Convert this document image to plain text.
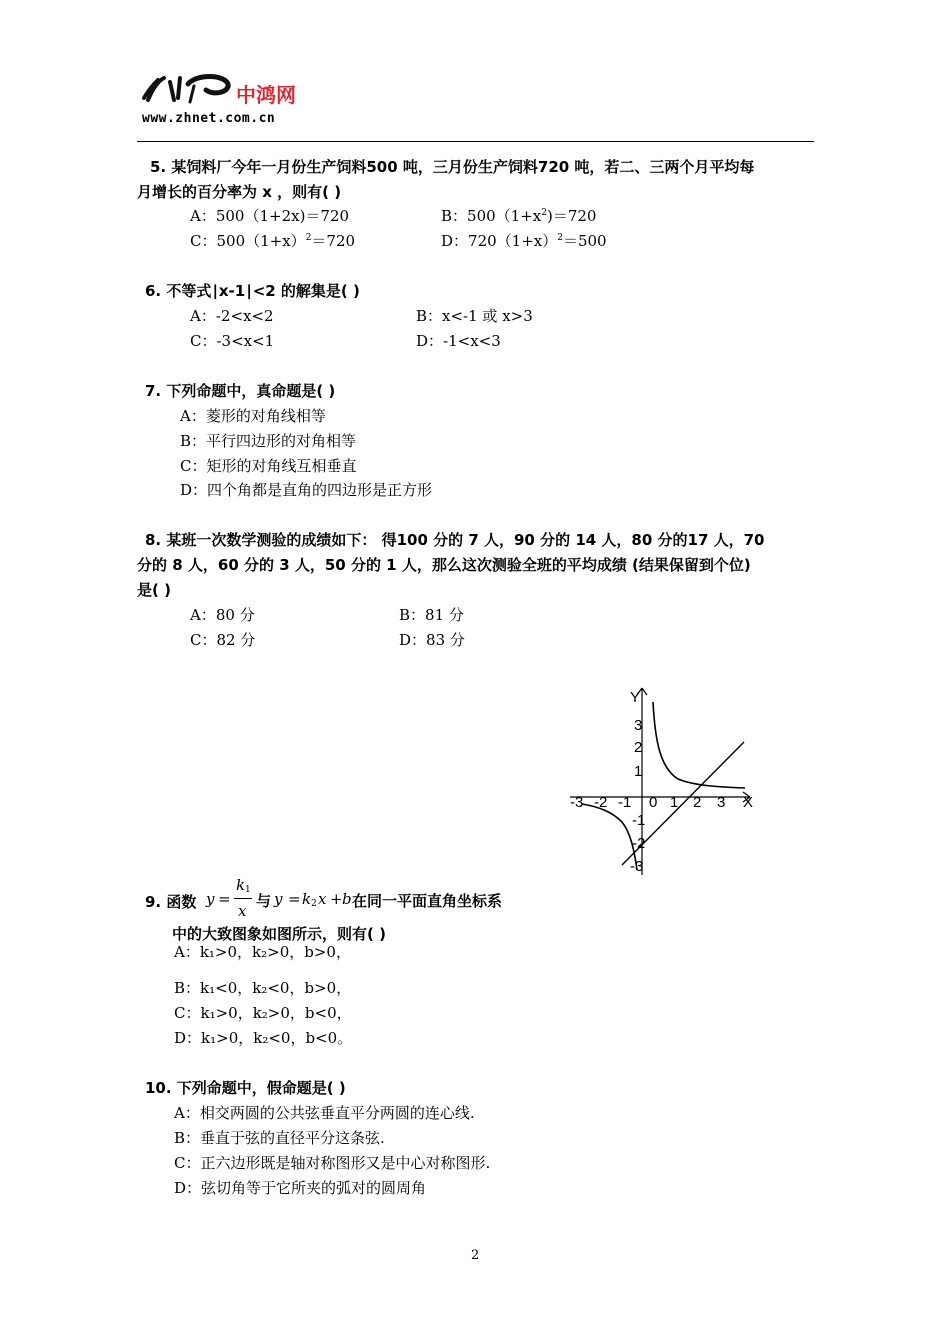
中鸿网
www.zhnet.com.cn
5. 某饲料厂今年一月份生产饲料500 吨，三月份生产饲料720 吨，若二、三两个月平均每
月增长的百分率为 x ，则有( )
A：500（1+2x)＝720	B：$500(1+x^2)=720$
C：$500(1+x)^2=720$	D：$720(1+x)^2=500$
6. 不等式∣x-1∣<2 的解集是( )
A：-2<x<2	B：x<-1 或 x>3
C：-3<x<1	D：-1<x<3
7. 下列命题中，真命题是( )
A：菱形的对角线相等
B：平行四边形的对角相等
C：矩形的对角线互相垂直
D：四个角都是直角的四边形是正方形
8. 某班一次数学测验的成绩如下： 得100 分的 7 人，90 分的 14 人，80 分的17 人，70
分的 8 人，60 分的 3 人，50 分的 1 人，那么这次测验全班的平均成绩 (结果保留到个位)
是( )
A：80 分	B：81 分
C：82 分	D：83 分
Y
X
0
3
2
1
-1
-2
-3
-3 -2 -1	1 2 3
9. 函数 y =
k 1
x
与 y = k 2 x + b 在同一平面直角坐标系
中的大致图象如图所示，则有( )
A：k₁>0，k₂>0，b>0，
B：k₁<0，k₂<0，b>0，
C：k₁>0，k₂>0，b<0，
D：k₁>0，k₂<0，b<0。
10. 下列命题中，假命题是( )
A：相交两圆的公共弦垂直平分两圆的连心线.
B：垂直于弦的直径平分这条弦.
C：正六边形既是轴对称图形又是中心对称图形.
D：弦切角等于它所夹的弧对的圆周角
2
